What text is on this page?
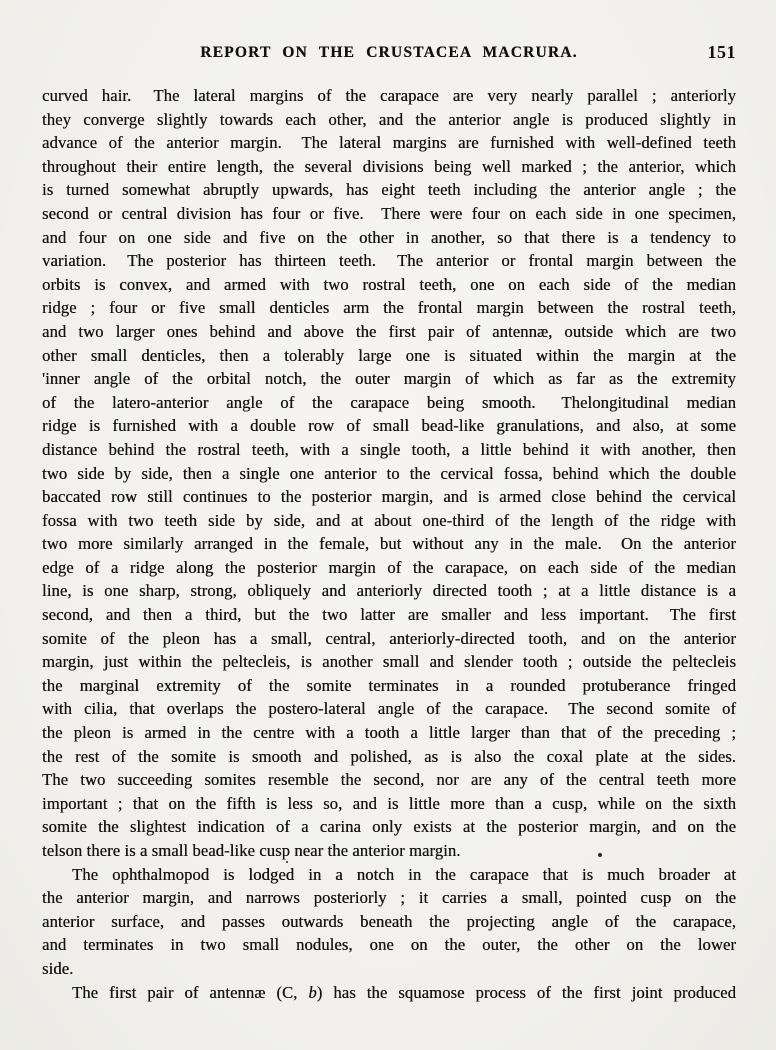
REPORT ON THE CRUSTACEA MACRURA.	151
curved hair.  The lateral margins of the carapace are very nearly parallel ; anteriorly
they converge slightly towards each other, and the anterior angle is produced slightly in
advance of the anterior margin.  The lateral margins are furnished with well-defined teeth
throughout their entire length, the several divisions being well marked ; the anterior, which
is turned somewhat abruptly upwards, has eight teeth including the anterior angle ; the
second or central division has four or five.  There were four on each side in one specimen,
and four on one side and five on the other in another, so that there is a tendency to
variation.  The posterior has thirteen teeth.  The anterior or frontal margin between the
orbits is convex, and armed with two rostral teeth, one on each side of the median
ridge ; four or five small denticles arm the frontal margin between the rostral teeth,
and two larger ones behind and above the first pair of antennæ, outside which are two
other small denticles, then a tolerably large one is situated within the margin at the
'inner angle of the orbital notch, the outer margin of which as far as the extremity
of the latero-anterior angle of the carapace being smooth.  Thelongitudinal median
ridge is furnished with a double row of small bead-like granulations, and also, at some
distance behind the rostral teeth, with a single tooth, a little behind it with another, then
two side by side, then a single one anterior to the cervical fossa, behind which the double
baccated row still continues to the posterior margin, and is armed close behind the cervical
fossa with two teeth side by side, and at about one-third of the length of the ridge with
two more similarly arranged in the female, but without any in the male.  On the anterior
edge of a ridge along the posterior margin of the carapace, on each side of the median
line, is one sharp, strong, obliquely and anteriorly directed tooth ; at a little distance is a
second, and then a third, but the two latter are smaller and less important.  The first
somite of the pleon has a small, central, anteriorly-directed tooth, and on the anterior
margin, just within the peltecleis, is another small and slender tooth ; outside the peltecleis
the marginal extremity of the somite terminates in a rounded protuberance fringed
with cilia, that overlaps the postero-lateral angle of the carapace.  The second somite of
the pleon is armed in the centre with a tooth a little larger than that of the preceding ;
the rest of the somite is smooth and polished, as is also the coxal plate at the sides.
The two succeeding somites resemble the second, nor are any of the central teeth more
important ; that on the fifth is less so, and is little more than a cusp, while on the sixth
somite the slightest indication of a carina only exists at the posterior margin, and on the
telson there is a small bead-like cusp near the anterior margin.
The ophthalmopod is lodged in a notch in the carapace that is much broader at
the anterior margin, and narrows posteriorly ; it carries a small, pointed cusp on the
anterior surface, and passes outwards beneath the projecting angle of the carapace,
and terminates in two small nodules, one on the outer, the other on the lower
side.
The first pair of antennæ (C, b) has the squamose process of the first joint produced
